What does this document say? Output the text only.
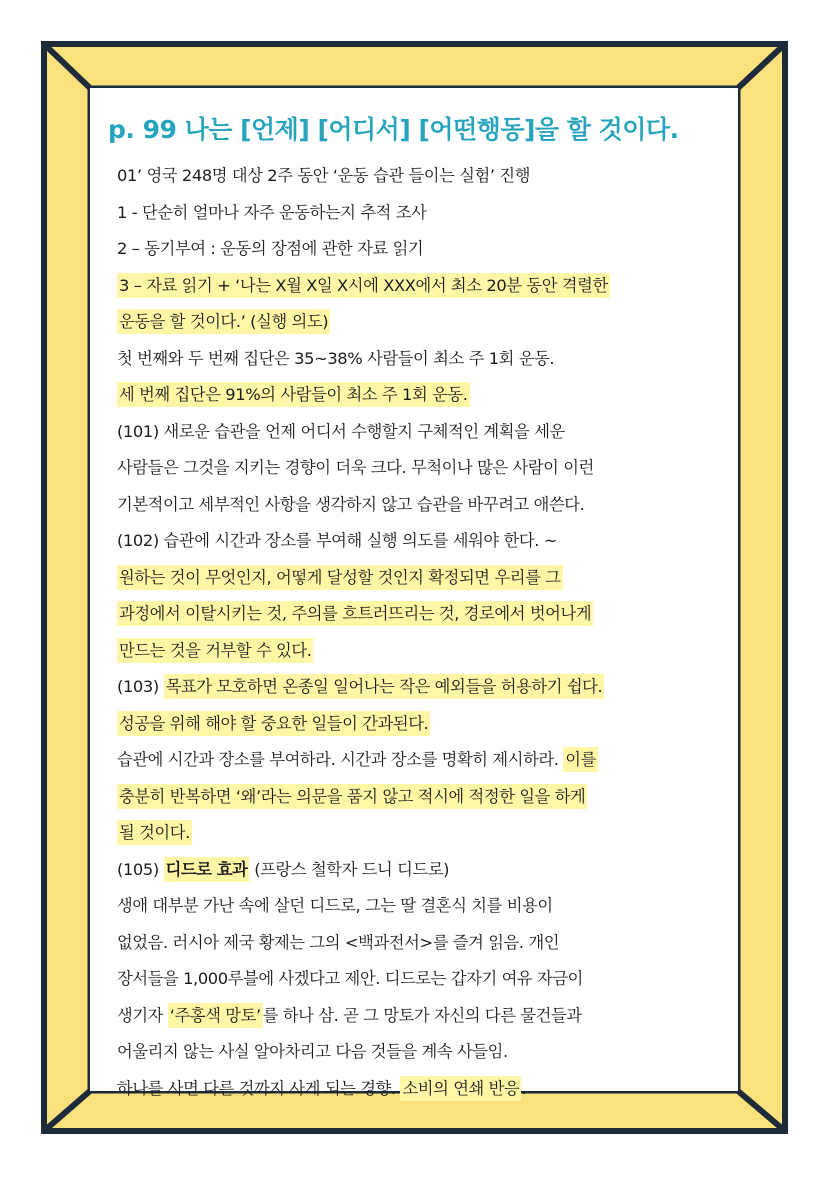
p. 99 나는 [언제] [어디서] [어떤행동]을 할 것이다.
01’ 영국 248명 대상 2주 동안 ‘운동 습관 들이는 실험’ 진행
1 - 단순히 얼마나 자주 운동하는지 추적 조사
2 – 동기부여 : 운동의 장점에 관한 자료 읽기
3 – 자료 읽기 + ‘나는 X월 X일 X시에 XXX에서 최소 20분 동안 격렬한
운동을 할 것이다.’ (실행 의도)
첫 번째와 두 번째 집단은 35~38% 사람들이 최소 주 1회 운동.
세 번째 집단은 91%의 사람들이 최소 주 1회 운동.
(101) 새로운 습관을 언제 어디서 수행할지 구체적인 계획을 세운
사람들은 그것을 지키는 경향이 더욱 크다. 무척이나 많은 사람이 이런
기본적이고 세부적인 사항을 생각하지 않고 습관을 바꾸려고 애쓴다.
(102) 습관에 시간과 장소를 부여해 실행 의도를 세워야 한다. ~
원하는 것이 무엇인지, 어떻게 달성할 것인지 확정되면 우리를 그
과정에서 이탈시키는 것, 주의를 흐트러뜨리는 것, 경로에서 벗어나게
만드는 것을 거부할 수 있다.
(103) 목표가 모호하면 온종일 일어나는 작은 예외들을 허용하기 쉽다.
성공을 위해 해야 할 중요한 일들이 간과된다.
습관에 시간과 장소를 부여하라. 시간과 장소를 명확히 제시하라. 이를
충분히 반복하면 ‘왜’라는 의문을 품지 않고 적시에 적정한 일을 하게
될 것이다.
(105) 디드로 효과 (프랑스 철학자 드니 디드로)
생애 대부분 가난 속에 살던 디드로, 그는 딸 결혼식 치를 비용이
없었음. 러시아 제국 황제는 그의 <백과전서>를 즐겨 읽음. 개인
장서들을 1,000루블에 사겠다고 제안. 디드로는 갑자기 여유 자금이
생기자 ‘주홍색 망토’ 를 하나 삼. 곧 그 망토가 자신의 다른 물건들과
어울리지 않는 사실 알아차리고 다음 것들을 계속 사들임.
하나를 사면 다른 것까지 사게 되는 경향. 소비의 연쇄 반응 .
